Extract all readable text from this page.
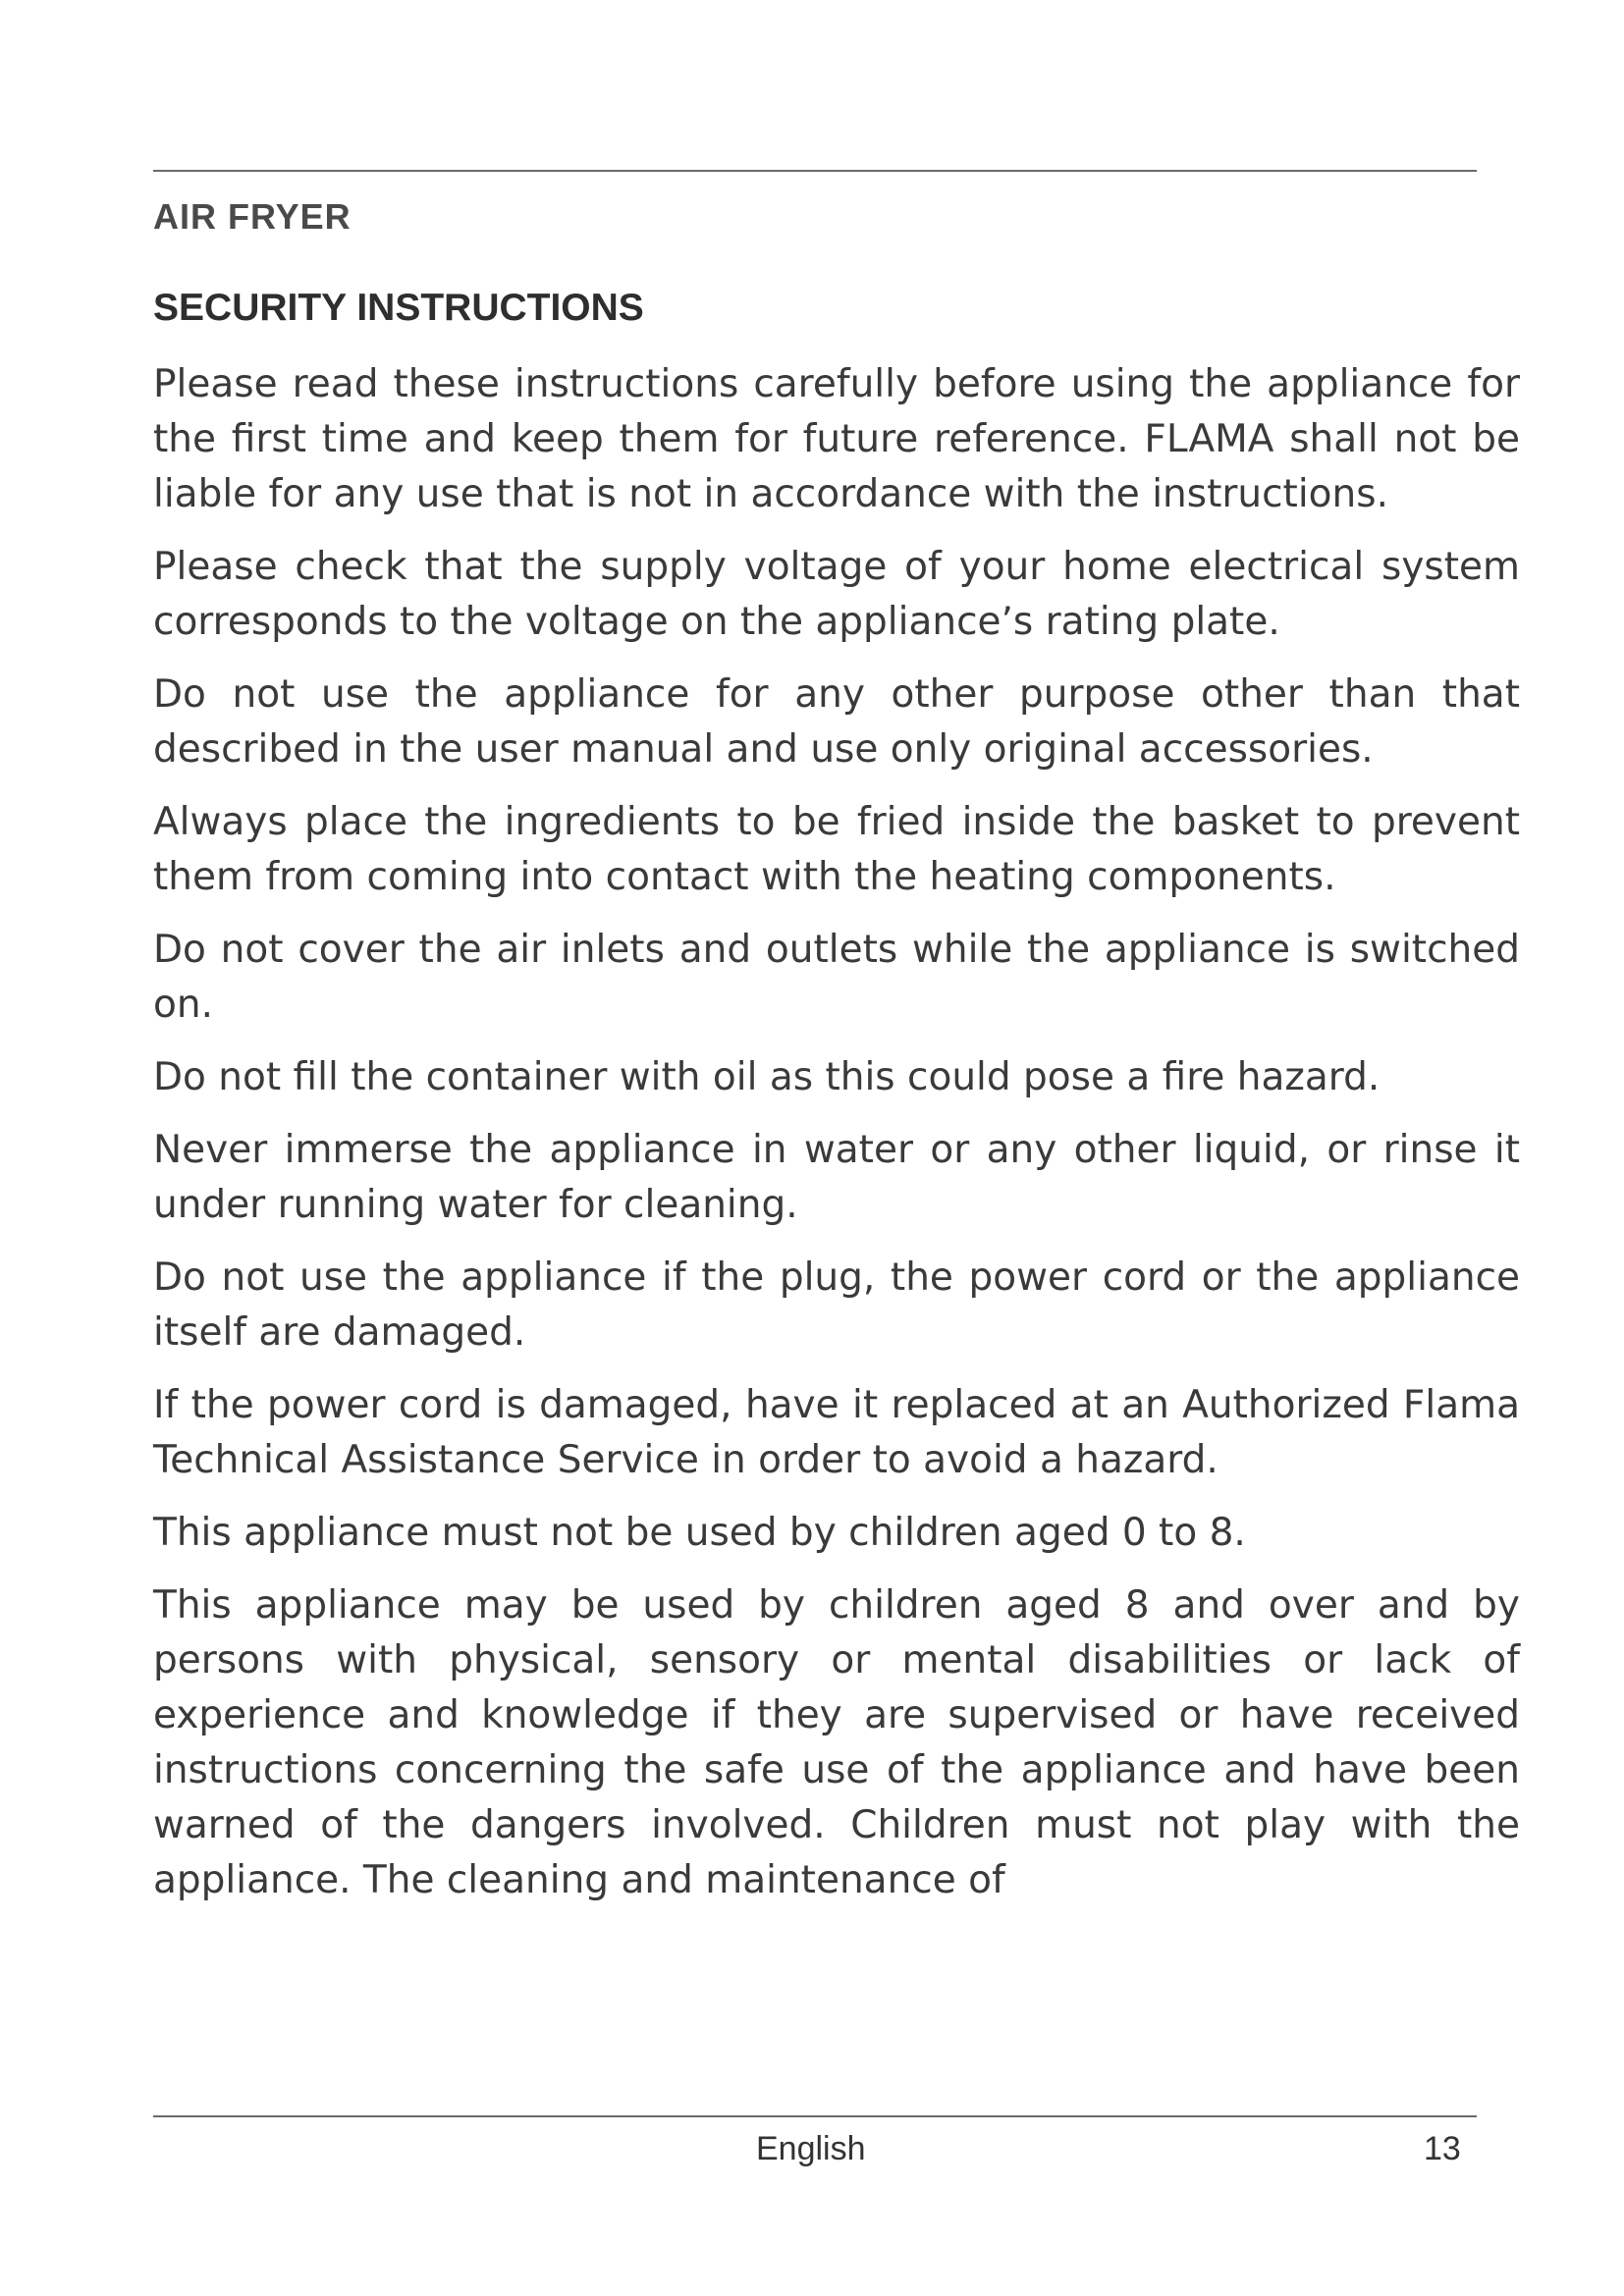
AIR FRYER
SECURITY INSTRUCTIONS

Please read these instructions carefully before using the appliance for the first time and keep them for future reference. FLAMA shall not be liable for any use that is not in accordance with the instructions.

Please check that the supply voltage of your home electrical system corresponds to the voltage on the appliance’s rating plate.

Do not use the appliance for any other purpose other than that described in the user manual and use only original accessories.

Always place the ingredients to be fried inside the basket to prevent them from coming into contact with the heating components.

Do not cover the air inlets and outlets while the appliance is switched on.

Do not fill the container with oil as this could pose a fire hazard.

Never immerse the appliance in water or any other liquid, or rinse it under running water for cleaning.

Do not use the appliance if the plug, the power cord or the appliance itself are damaged.

If the power cord is damaged, have it replaced at an Authorized Flama Technical Assistance Service in order to avoid a hazard.

This appliance must not be used by children aged 0 to 8.

This appliance may be used by children aged 8 and over and by persons with physical, sensory or mental disabilities or lack of experience and knowledge if they are supervised or have received instructions concerning the safe use of the appliance and have been warned of the dangers involved. Children must not play with the appliance. The cleaning and maintenance of

English	13
